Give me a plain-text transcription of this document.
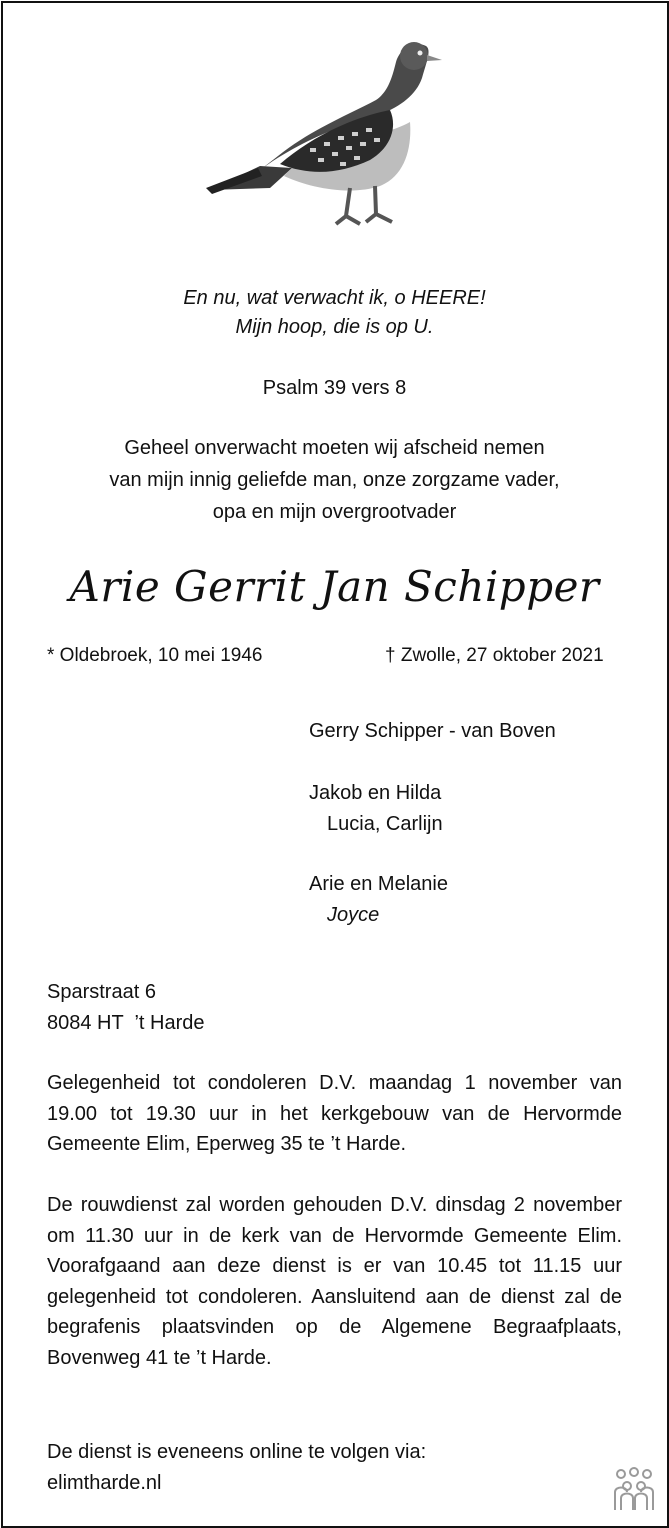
En nu, wat verwacht ik, o HEERE!
Mijn hoop, die is op U.
Psalm 39 vers 8
Geheel onverwacht moeten wij afscheid nemen
van mijn innig geliefde man, onze zorgzame vader,
opa en mijn overgrootvader
Arie Gerrit Jan Schipper
* Oldebroek, 10 mei 1946	† Zwolle, 27 oktober 2021
Gerry Schipper - van Boven
Jakob en Hilda
Lucia, Carlijn
Arie en Melanie
Joyce
Sparstraat 6
8084 HT  ’t Harde
Gelegenheid tot condoleren D.V. maandag 1 november van 19.00 tot 19.30 uur in het kerkgebouw van de Hervormde Gemeente Elim, Eperweg 35 te ’t Harde.
De rouwdienst zal worden gehouden D.V. dinsdag 2 november om 11.30 uur in de kerk van de Hervormde Gemeente Elim. Voorafgaand aan deze dienst is er van 10.45 tot 11.15 uur gelegenheid tot condoleren. Aansluitend aan de dienst zal de begrafenis plaatsvinden op de Algemene Begraafplaats, Bovenweg 41 te ’t Harde.
De dienst is eveneens online te volgen via:
elimtharde.nl
